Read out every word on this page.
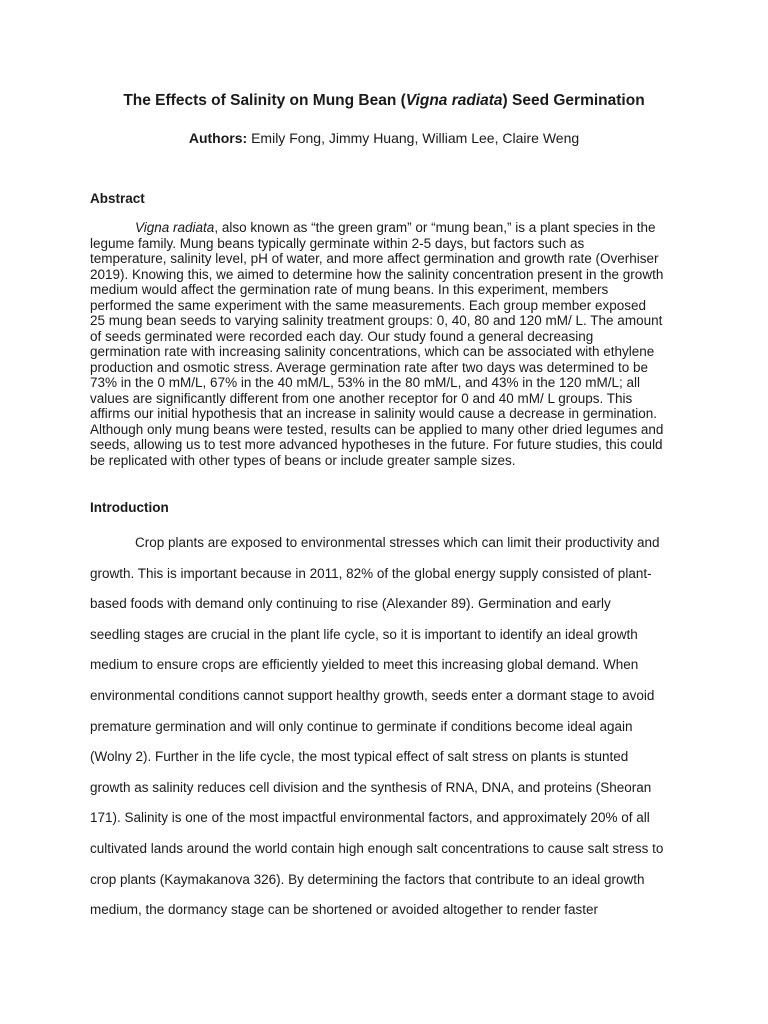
The Effects of Salinity on Mung Bean (Vigna radiata) Seed Germination
Authors: Emily Fong, Jimmy Huang, William Lee, Claire Weng
Abstract
Vigna radiata, also known as “the green gram” or “mung bean,” is a plant species in the
legume family. Mung beans typically germinate within 2-5 days, but factors such as
temperature, salinity level, pH of water, and more affect germination and growth rate (Overhiser
2019). Knowing this, we aimed to determine how the salinity concentration present in the growth
medium would affect the germination rate of mung beans. In this experiment, members
performed the same experiment with the same measurements. Each group member exposed
25 mung bean seeds to varying salinity treatment groups: 0, 40, 80 and 120 mM/ L. The amount
of seeds germinated were recorded each day. Our study found a general decreasing
germination rate with increasing salinity concentrations, which can be associated with ethylene
production and osmotic stress. Average germination rate after two days was determined to be
73% in the 0 mM/L, 67% in the 40 mM/L, 53% in the 80 mM/L, and 43% in the 120 mM/L; all
values are significantly different from one another receptor for 0 and 40 mM/ L groups. This
affirms our initial hypothesis that an increase in salinity would cause a decrease in germination.
Although only mung beans were tested, results can be applied to many other dried legumes and
seeds, allowing us to test more advanced hypotheses in the future. For future studies, this could
be replicated with other types of beans or include greater sample sizes.
Introduction
Crop plants are exposed to environmental stresses which can limit their productivity and
growth. This is important because in 2011, 82% of the global energy supply consisted of plant-
based foods with demand only continuing to rise (Alexander 89). Germination and early
seedling stages are crucial in the plant life cycle, so it is important to identify an ideal growth
medium to ensure crops are efficiently yielded to meet this increasing global demand. When
environmental conditions cannot support healthy growth, seeds enter a dormant stage to avoid
premature germination and will only continue to germinate if conditions become ideal again
(Wolny 2). Further in the life cycle, the most typical effect of salt stress on plants is stunted
growth as salinity reduces cell division and the synthesis of RNA, DNA, and proteins (Sheoran
171). Salinity is one of the most impactful environmental factors, and approximately 20% of all
cultivated lands around the world contain high enough salt concentrations to cause salt stress to
crop plants (Kaymakanova 326). By determining the factors that contribute to an ideal growth
medium, the dormancy stage can be shortened or avoided altogether to render faster
